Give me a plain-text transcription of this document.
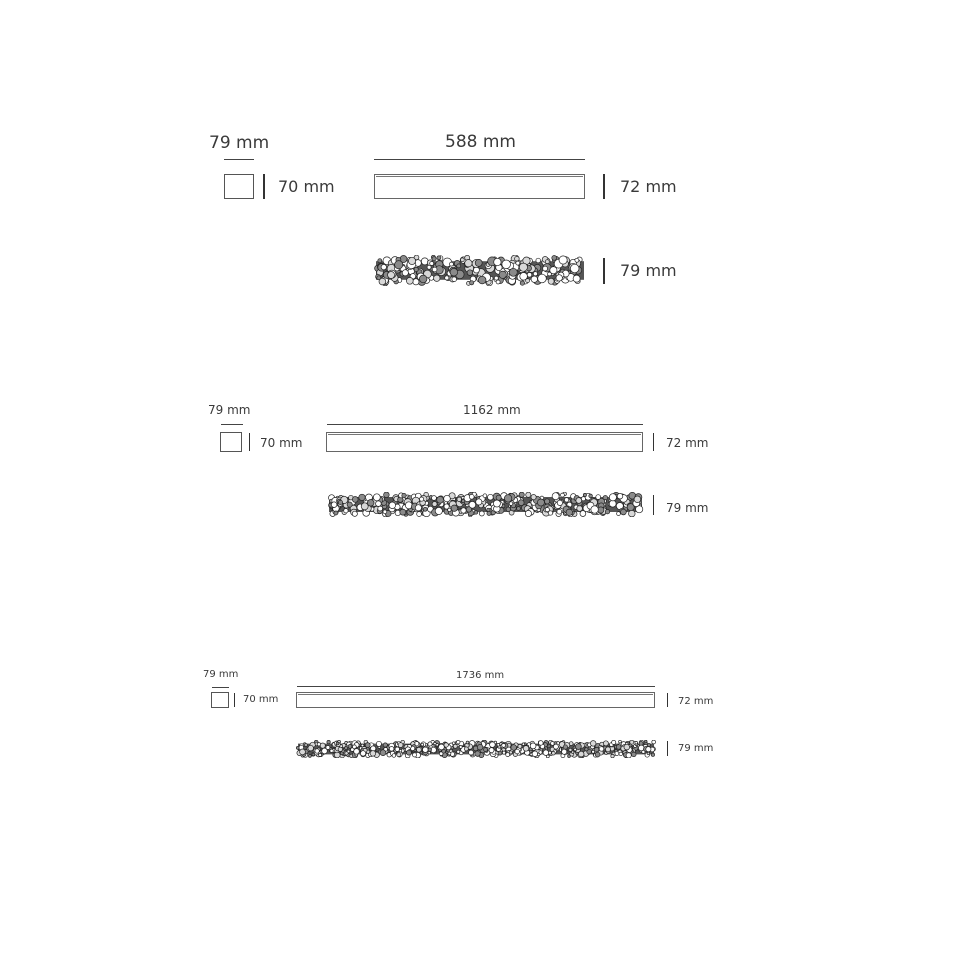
79 mm
70 mm
588 mm
72 mm
79 mm
79 mm
70 mm
1162 mm
72 mm
79 mm
79 mm
70 mm
1736 mm
72 mm
79 mm
